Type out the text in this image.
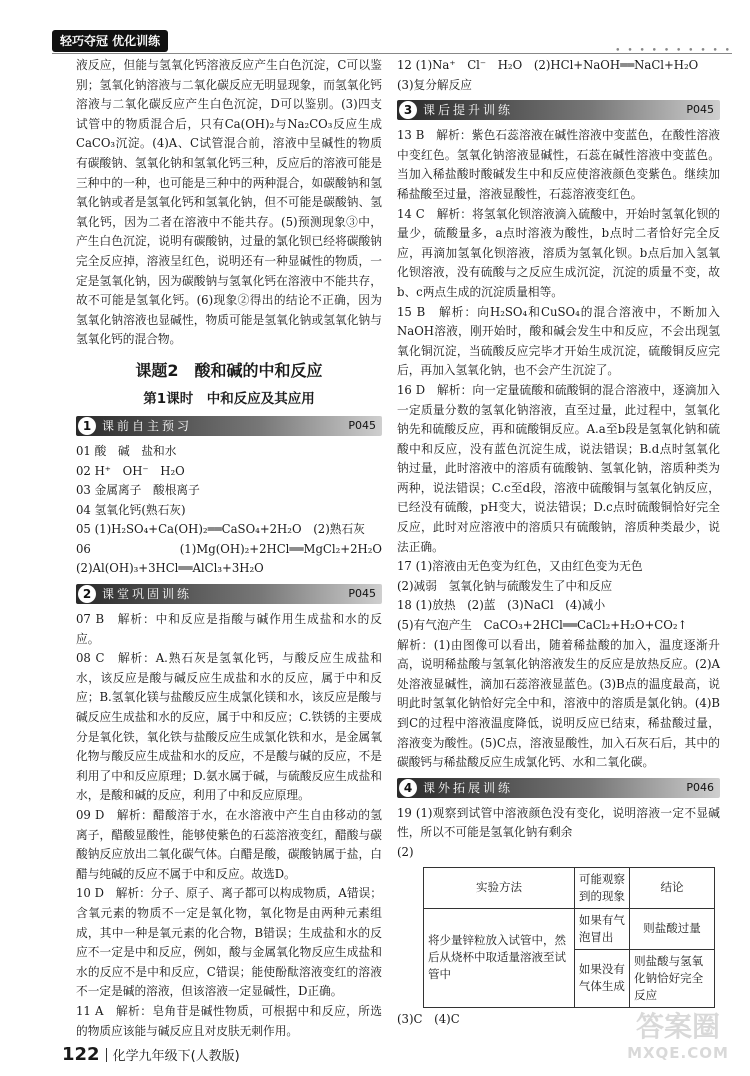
轻巧夺冠 优化训练
• • • • • • • • • •

液反应，但能与氢氧化钙溶液反应产生白色沉淀，C可以鉴别；氢氧化钠溶液与二氧化碳反应无明显现象，而氢氧化钙溶液与二氧化碳反应产生白色沉淀，D可以鉴别。(3)四支试管中的物质混合后，只有Ca(OH)₂与Na₂CO₃反应生成CaCO₃沉淀。(4)A、C试管混合前，溶液中呈碱性的物质有碳酸钠、氢氧化钠和氢氧化钙三种，反应后的溶液可能是三种中的一种，也可能是三种中的两种混合，如碳酸钠和氢氧化钠或者是氢氧化钙和氢氧化钠，但不可能是碳酸钠、氢氧化钙，因为二者在溶液中不能共存。(5)预测现象③中，产生白色沉淀，说明有碳酸钠，过量的氯化钡已经将碳酸钠完全反应掉，溶液呈红色，说明还有一种显碱性的物质，一定是氢氧化钠，因为碳酸钠与氢氧化钙在溶液中不能共存，故不可能是氢氧化钙。(6)现象②得出的结论不正确，因为氢氧化钠溶液也显碱性，物质可能是氢氧化钠或氢氧化钠与氢氧化钙的混合物。

课题2　酸和碱的中和反应

第1课时　中和反应及其应用

1 课前自主预习	P045

01 酸　碱　盐和水

02 H⁺　OH⁻　H₂O

03 金属离子　酸根离子

04 氢氧化钙(熟石灰)

05 (1)H₂SO₄+Ca(OH)₂══CaSO₄+2H₂O　(2)熟石灰

06 (1)Mg(OH)₂+2HCl══MgCl₂+2H₂O　(2)Al(OH)₃+3HCl══AlCl₃+3H₂O

2 课堂巩固训练	P045

07 B　解析：中和反应是指酸与碱作用生成盐和水的反应。

08 C　解析：A.熟石灰是氢氧化钙，与酸反应生成盐和水，该反应是酸与碱反应生成盐和水的反应，属于中和反应；B.氢氧化镁与盐酸反应生成氯化镁和水，该反应是酸与碱反应生成盐和水的反应，属于中和反应；C.铁锈的主要成分是氧化铁，氧化铁与盐酸反应生成氯化铁和水，是金属氧化物与酸反应生成盐和水的反应，不是酸与碱的反应，不是利用了中和反应原理；D.氨水属于碱，与硫酸反应生成盐和水，是酸和碱的反应，利用了中和反应原理。

09 D　解析：醋酸溶于水，在水溶液中产生自由移动的氢离子，醋酸显酸性，能够使紫色的石蕊溶液变红，醋酸与碳酸钠反应放出二氧化碳气体。白醋是酸，碳酸钠属于盐，白醋与纯碱的反应不属于中和反应。故选D。

10 D　解析：分子、原子、离子都可以构成物质，A错误；含氧元素的物质不一定是氧化物，氧化物是由两种元素组成，其中一种是氧元素的化合物，B错误；生成盐和水的反应不一定是中和反应，例如，酸与金属氧化物反应生成盐和水的反应不是中和反应，C错误；能使酚酞溶液变红的溶液不一定是碱的溶液，但该溶液一定显碱性，D正确。

11 A　解析：皂角苷是碱性物质，可根据中和反应，所选的物质应该能与碱反应且对皮肤无刺作用。

12 (1)Na⁺　Cl⁻　H₂O　(2)HCl+NaOH══NaCl+H₂O

(3)复分解反应

3 课后提升训练	P045

13 B　解析：紫色石蕊溶液在碱性溶液中变蓝色，在酸性溶液中变红色。氢氧化钠溶液显碱性，石蕊在碱性溶液中变蓝色。当加入稀盐酸时酸碱发生中和反应使溶液颜色变紫色。继续加稀盐酸至过量，溶液显酸性，石蕊溶液变红色。

14 C　解析：将氢氧化钡溶液滴入硫酸中，开始时氢氧化钡的量少，硫酸量多，a点时溶液为酸性，b点时二者恰好完全反应，再滴加氢氧化钡溶液，溶质为氢氧化钡。b点后加入氢氧化钡溶液，没有硫酸与之反应生成沉淀，沉淀的质量不变，故b、c两点生成的沉淀质量相等。

15 B　解析：向H₂SO₄和CuSO₄的混合溶液中，不断加入NaOH溶液，刚开始时，酸和碱会发生中和反应，不会出现氢氧化铜沉淀，当硫酸反应完毕才开始生成沉淀，硫酸铜反应完后，再加入氢氧化钠，也不会产生沉淀了。

16 D　解析：向一定量硫酸和硫酸铜的混合溶液中，逐滴加入一定质量分数的氢氧化钠溶液，直至过量，此过程中，氢氧化钠先和硫酸反应，再和硫酸铜反应。A.a至b段是氢氧化钠和硫酸中和反应，没有蓝色沉淀生成，说法错误；B.d点时氢氧化钠过量，此时溶液中的溶质有硫酸钠、氢氧化钠，溶质种类为两种，说法错误；C.c至d段，溶液中硫酸铜与氢氧化钠反应，已经没有硫酸，pH变大，说法错误；D.c点时硫酸铜恰好完全反应，此时对应溶液中的溶质只有硫酸钠，溶质种类最少，说法正确。

17 (1)溶液由无色变为红色，又由红色变为无色

(2)减弱　氢氧化钠与硫酸发生了中和反应

18 (1)放热　(2)蓝　(3)NaCl　(4)减小

(5)有气泡产生　CaCO₃+2HCl══CaCl₂+H₂O+CO₂↑

解析：(1)由图像可以看出，随着稀盐酸的加入，温度逐渐升高，说明稀盐酸与氢氧化钠溶液发生的反应是放热反应。(2)A处溶液显碱性，滴加石蕊溶液显蓝色。(3)B点的温度最高，说明此时氢氧化钠恰好完全中和，溶液中的溶质是氯化钠。(4)B到C的过程中溶液温度降低，说明反应已结束，稀盐酸过量，溶液变为酸性。(5)C点，溶液显酸性，加入石灰石后，其中的碳酸钙与稀盐酸反应生成氯化钙、水和二氧化碳。

4 课外拓展训练	P046

19 (1)观察到试管中溶液颜色没有变化，说明溶液一定不显碱性，所以不可能是氢氧化钠有剩余

(2)

实验方法	可能观察到的现象	结论
将少量锌粒放入试管中，然后从烧杯中取适量溶液至试管中	如果有气泡冒出	则盐酸过量
	如果没有气体生成	则盐酸与氢氧化钠恰好完全反应

(3)C　(4)C

122 化学九年级下(人教版)
答案圈
MXQE.COM
